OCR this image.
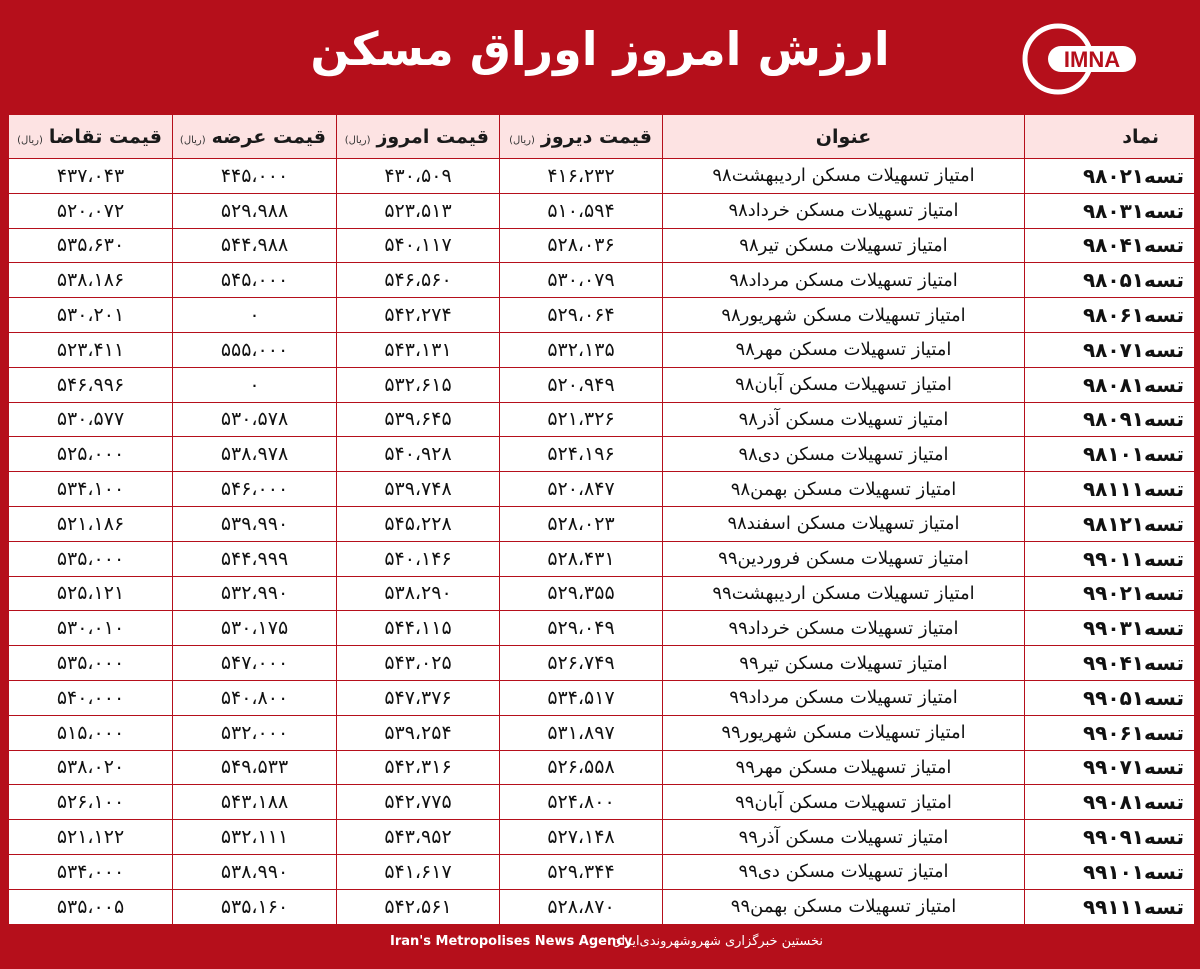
ارزش امروز اوراق مسکن	IMNA
نماد	عنوان	قیمت دیروز(ریال)	قیمت امروز(ریال)	قیمت عرضه(ریال)	قیمت تقاضا(ریال)
تسه۹۸۰۲۱	امتیاز تسهیلات مسکن اردیبهشت۹۸	۴۱۶،۲۳۲	۴۳۰،۵۰۹	۴۴۵،۰۰۰	۴۳۷،۰۴۳
تسه۹۸۰۳۱	امتیاز تسهیلات مسکن خرداد۹۸	۵۱۰،۵۹۴	۵۲۳،۵۱۳	۵۲۹،۹۸۸	۵۲۰،۰۷۲
تسه۹۸۰۴۱	امتیاز تسهیلات مسکن تیر۹۸	۵۲۸،۰۳۶	۵۴۰،۱۱۷	۵۴۴،۹۸۸	۵۳۵،۶۳۰
تسه۹۸۰۵۱	امتیاز تسهیلات مسکن مرداد۹۸	۵۳۰،۰۷۹	۵۴۶،۵۶۰	۵۴۵،۰۰۰	۵۳۸،۱۸۶
تسه۹۸۰۶۱	امتیاز تسهیلات مسکن شهریور۹۸	۵۲۹،۰۶۴	۵۴۲،۲۷۴	۰	۵۳۰،۲۰۱
تسه۹۸۰۷۱	امتیاز تسهیلات مسکن مهر۹۸	۵۳۲،۱۳۵	۵۴۳،۱۳۱	۵۵۵،۰۰۰	۵۲۳،۴۱۱
تسه۹۸۰۸۱	امتیاز تسهیلات مسکن آبان۹۸	۵۲۰،۹۴۹	۵۳۲،۶۱۵	۰	۵۴۶،۹۹۶
تسه۹۸۰۹۱	امتیاز تسهیلات مسکن آذر۹۸	۵۲۱،۳۲۶	۵۳۹،۶۴۵	۵۳۰،۵۷۸	۵۳۰،۵۷۷
تسه۹۸۱۰۱	امتیاز تسهیلات مسکن دی۹۸	۵۲۴،۱۹۶	۵۴۰،۹۲۸	۵۳۸،۹۷۸	۵۲۵،۰۰۰
تسه۹۸۱۱۱	امتیاز تسهیلات مسکن بهمن۹۸	۵۲۰،۸۴۷	۵۳۹،۷۴۸	۵۴۶،۰۰۰	۵۳۴،۱۰۰
تسه۹۸۱۲۱	امتیاز تسهیلات مسکن اسفند۹۸	۵۲۸،۰۲۳	۵۴۵،۲۲۸	۵۳۹،۹۹۰	۵۲۱،۱۸۶
تسه۹۹۰۱۱	امتیاز تسهیلات مسکن فروردین۹۹	۵۲۸،۴۳۱	۵۴۰،۱۴۶	۵۴۴،۹۹۹	۵۳۵،۰۰۰
تسه۹۹۰۲۱	امتیاز تسهیلات مسکن اردیبهشت۹۹	۵۲۹،۳۵۵	۵۳۸،۲۹۰	۵۳۲،۹۹۰	۵۲۵،۱۲۱
تسه۹۹۰۳۱	امتیاز تسهیلات مسکن خرداد۹۹	۵۲۹،۰۴۹	۵۴۴،۱۱۵	۵۳۰،۱۷۵	۵۳۰،۰۱۰
تسه۹۹۰۴۱	امتیاز تسهیلات مسکن تیر۹۹	۵۲۶،۷۴۹	۵۴۳،۰۲۵	۵۴۷،۰۰۰	۵۳۵،۰۰۰
تسه۹۹۰۵۱	امتیاز تسهیلات مسکن مرداد۹۹	۵۳۴،۵۱۷	۵۴۷،۳۷۶	۵۴۰،۸۰۰	۵۴۰،۰۰۰
تسه۹۹۰۶۱	امتیاز تسهیلات مسکن شهریور۹۹	۵۳۱،۸۹۷	۵۳۹،۲۵۴	۵۳۲،۰۰۰	۵۱۵،۰۰۰
تسه۹۹۰۷۱	امتیاز تسهیلات مسکن مهر۹۹	۵۲۶،۵۵۸	۵۴۲،۳۱۶	۵۴۹،۵۳۳	۵۳۸،۰۲۰
تسه۹۹۰۸۱	امتیاز تسهیلات مسکن آبان۹۹	۵۲۴،۸۰۰	۵۴۲،۷۷۵	۵۴۳،۱۸۸	۵۲۶،۱۰۰
تسه۹۹۰۹۱	امتیاز تسهیلات مسکن آذر۹۹	۵۲۷،۱۴۸	۵۴۳،۹۵۲	۵۳۲،۱۱۱	۵۲۱،۱۲۲
تسه۹۹۱۰۱	امتیاز تسهیلات مسکن دی۹۹	۵۲۹،۳۴۴	۵۴۱،۶۱۷	۵۳۸،۹۹۰	۵۳۴،۰۰۰
تسه۹۹۱۱۱	امتیاز تسهیلات مسکن بهمن۹۹	۵۲۸،۸۷۰	۵۴۲،۵۶۱	۵۳۵،۱۶۰	۵۳۵،۰۰۵
Iran's Metropolises News Agency
نخستین خبرگزاری شهروشهروندی‌ایران
